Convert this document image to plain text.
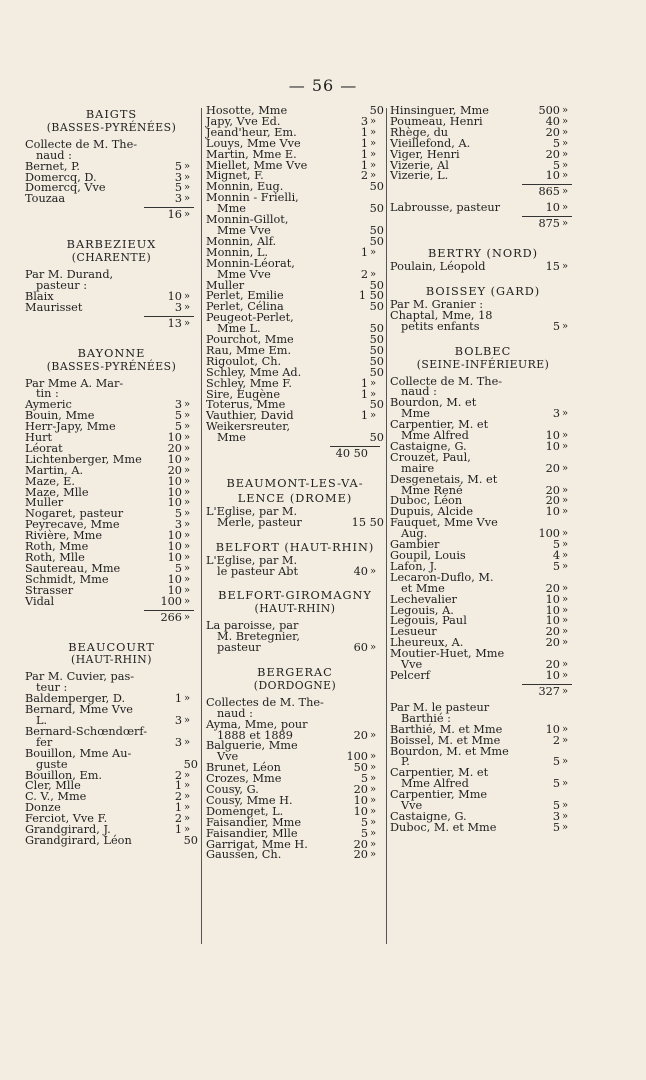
— 56 —
BAIGTS
(BASSES-PYRÉNÉES)
Collecte de M. The-
naud :
Bernet, P.	5 »
Domercq, D.	3 »
Domercq, Vve	5 »
Touzaa	3 »
16 »
BARBEZIEUX
(CHARENTE)
Par M. Durand,
pasteur :
Blaix	10 »
Maurisset	3 »
13 »
BAYONNE
(BASSES-PYRÉNÉES)
Par Mme A. Mar-
tin :
Aymeric	3 »
Bouin, Mme	5 »
Herr-Japy, Mme	5 »
Hurt	10 »
Léorat	20 »
Lichtenberger, Mme	10 »
Martin, A.	20 »
Maze, E.	10 »
Maze, Mlle	10 »
Muller	10 »
Nogaret, pasteur	5 »
Peyrecave, Mme	3 »
Rivière, Mme	10 »
Roth, Mme	10 »
Roth, Mlle	10 »
Sautereau, Mme	5 »
Schmidt, Mme	10 »
Strasser	10 »
Vidal	100 »
266 »
BEAUCOURT
(HAUT-RHIN)
Par M. Cuvier, pas-
teur :
Baldemperger, D.	1 »
Bernard, Mme Vve
L.	3 »
Bernard-Schœndœrf-
fer	3 »
Bouillon, Mme Au-
guste	50
Bouillon, Em.	2 »
Cler, Mlle	1 »
C. V., Mme	2 »
Donze	1 »
Ferciot, Vve F.	2 »
Grandgirard, J.	1 »
Grandgirard, Léon	50
Hosotte, Mme	50
Japy, Vve Ed.	3 »
Jeand'heur, Em.	1 »
Louys, Mme Vve	1 »
Martin, Mme E.	1 »
Miellet, Mme Vve	1 »
Mignet, F.	2 »
Monnin, Eug.	50
Monnin - Frielli,
Mme	50
Monnin-Gillot,
Mme Vve	50
Monnin, Alf.	50
Monnin, L.	1 »
Monnin-Léorat,
Mme Vve	2 »
Muller	50
Perlet, Emilie	1 50
Perlet, Célina	50
Peugeot-Perlet,
Mme L.	50
Pourchot, Mme	50
Rau, Mme Em.	50
Rigoulot, Ch.	50
Schley, Mme Ad.	50
Schley, Mme F.	1 »
Sire, Eugène	1 »
Toterus, Mme	50
Vauthier, David	1 »
Weikersreuter,
Mme	50
40 50
BEAUMONT-LES-VA-
LENCE (DROME)
L'Eglise, par M.
Merle, pasteur	15 50
BELFORT (HAUT-RHIN)
L'Eglise, par M.
le pasteur Abt	40 »
BELFORT-GIROMAGNY
(HAUT-RHIN)
La paroisse, par
M. Bretegnier,
pasteur	60 »
BERGERAC
(DORDOGNE)
Collectes de M. The-
naud :
Ayma, Mme, pour
1888 et 1889	20 »
Balguerie, Mme
Vve	100 »
Brunet, Léon	50 »
Crozes, Mme	5 »
Cousy, G.	20 »
Cousy, Mme H.	10 »
Domenget, L.	10 »
Faisandier, Mme	5 »
Faisandier, Mlle	5 »
Garrigat, Mme H.	20 »
Gaussen, Ch.	20 »
Hinsinguer, Mme	500 »
Poumeau, Henri	40 »
Rhège, du	20 »
Vieillefond, A.	5 »
Viger, Henri	20 »
Vizerie, Al	5 »
Vizerie, L.	10 »
865 »
Labrousse, pasteur	10 »
875 »
BERTRY (NORD)
Poulain, Léopold	15 »
BOISSEY (GARD)
Par M. Granier :
Chaptal, Mme, 18
petits enfants	5 »
BOLBEC
(SEINE-INFÉRIEURE)
Collecte de M. The-
naud :
Bourdon, M. et
Mme	3 »
Carpentier, M. et
Mme Alfred	10 »
Castaigne, G.	10 »
Crouzet, Paul,
maire	20 »
Desgenetais, M. et
Mme René	20 »
Duboc, Léon	20 »
Dupuis, Alcide	10 »
Fauquet, Mme Vve
Aug.	100 »
Gambier	5 »
Goupil, Louis	4 »
Lafon, J.	5 »
Lecaron-Duflo, M.
et Mme	20 »
Lechevalier	10 »
Legouis, A.	10 »
Legouis, Paul	10 »
Lesueur	20 »
Lheureux, A.	20 »
Moutier-Huet, Mme
Vve	20 »
Pelcerf	10 »
327 »
Par M. le pasteur
Barthié :
Barthié, M. et Mme	10 »
Boissel, M. et Mme	2 »
Bourdon, M. et Mme
P.	5 »
Carpentier, M. et
Mme Alfred	5 »
Carpentier, Mme
Vve	5 »
Castaigne, G.	3 »
Duboc, M. et Mme	5 »
